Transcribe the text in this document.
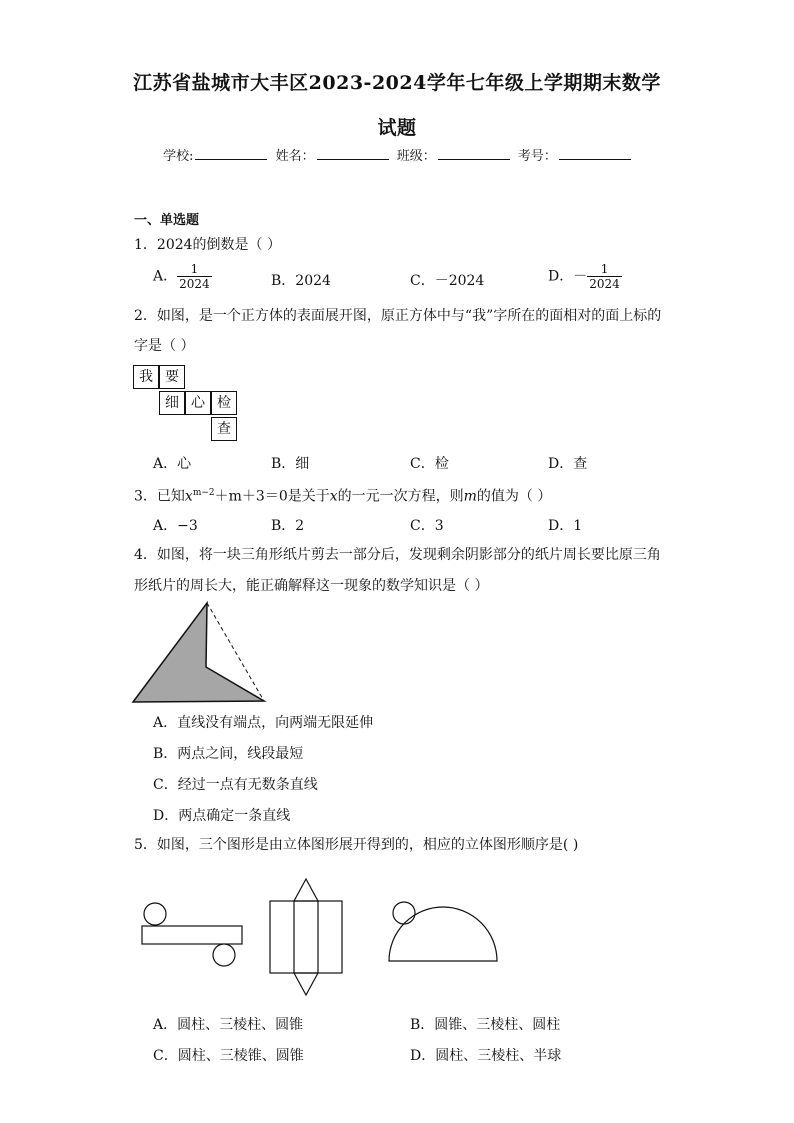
江苏省盐城市大丰区2023-2024学年七年级上学期期末数学
试题
学校:	姓名：	班级：	考号：
一、单选题
1．2024的倒数是（ ）
A． $\frac{1}{2024}$	B．2024	C．－2024	D．－ $\frac{1}{2024}$
2．如图，是一个正方体的表面展开图，原正方体中与“我”字所在的面相对的面上标的
字是（ ）
我 要
细 心 检
查
A．心	B．细	C．检	D．查
3．已知$x^{m-2}+m+3=0$是关于x的一元一次方程，则m的值为（ ）
A．−3	B．2	C．3	D．1
4．如图，将一块三角形纸片剪去一部分后，发现剩余阴影部分的纸片周长要比原三角
形纸片的周长大，能正确解释这一现象的数学知识是（ ）
A．直线没有端点，向两端无限延伸
B．两点之间，线段最短
C．经过一点有无数条直线
D．两点确定一条直线
5．如图，三个图形是由立体图形展开得到的，相应的立体图形顺序是( )
A．圆柱、三棱柱、圆锥	B．圆锥、三棱柱、圆柱
C．圆柱、三棱锥、圆锥	D．圆柱、三棱柱、半球
